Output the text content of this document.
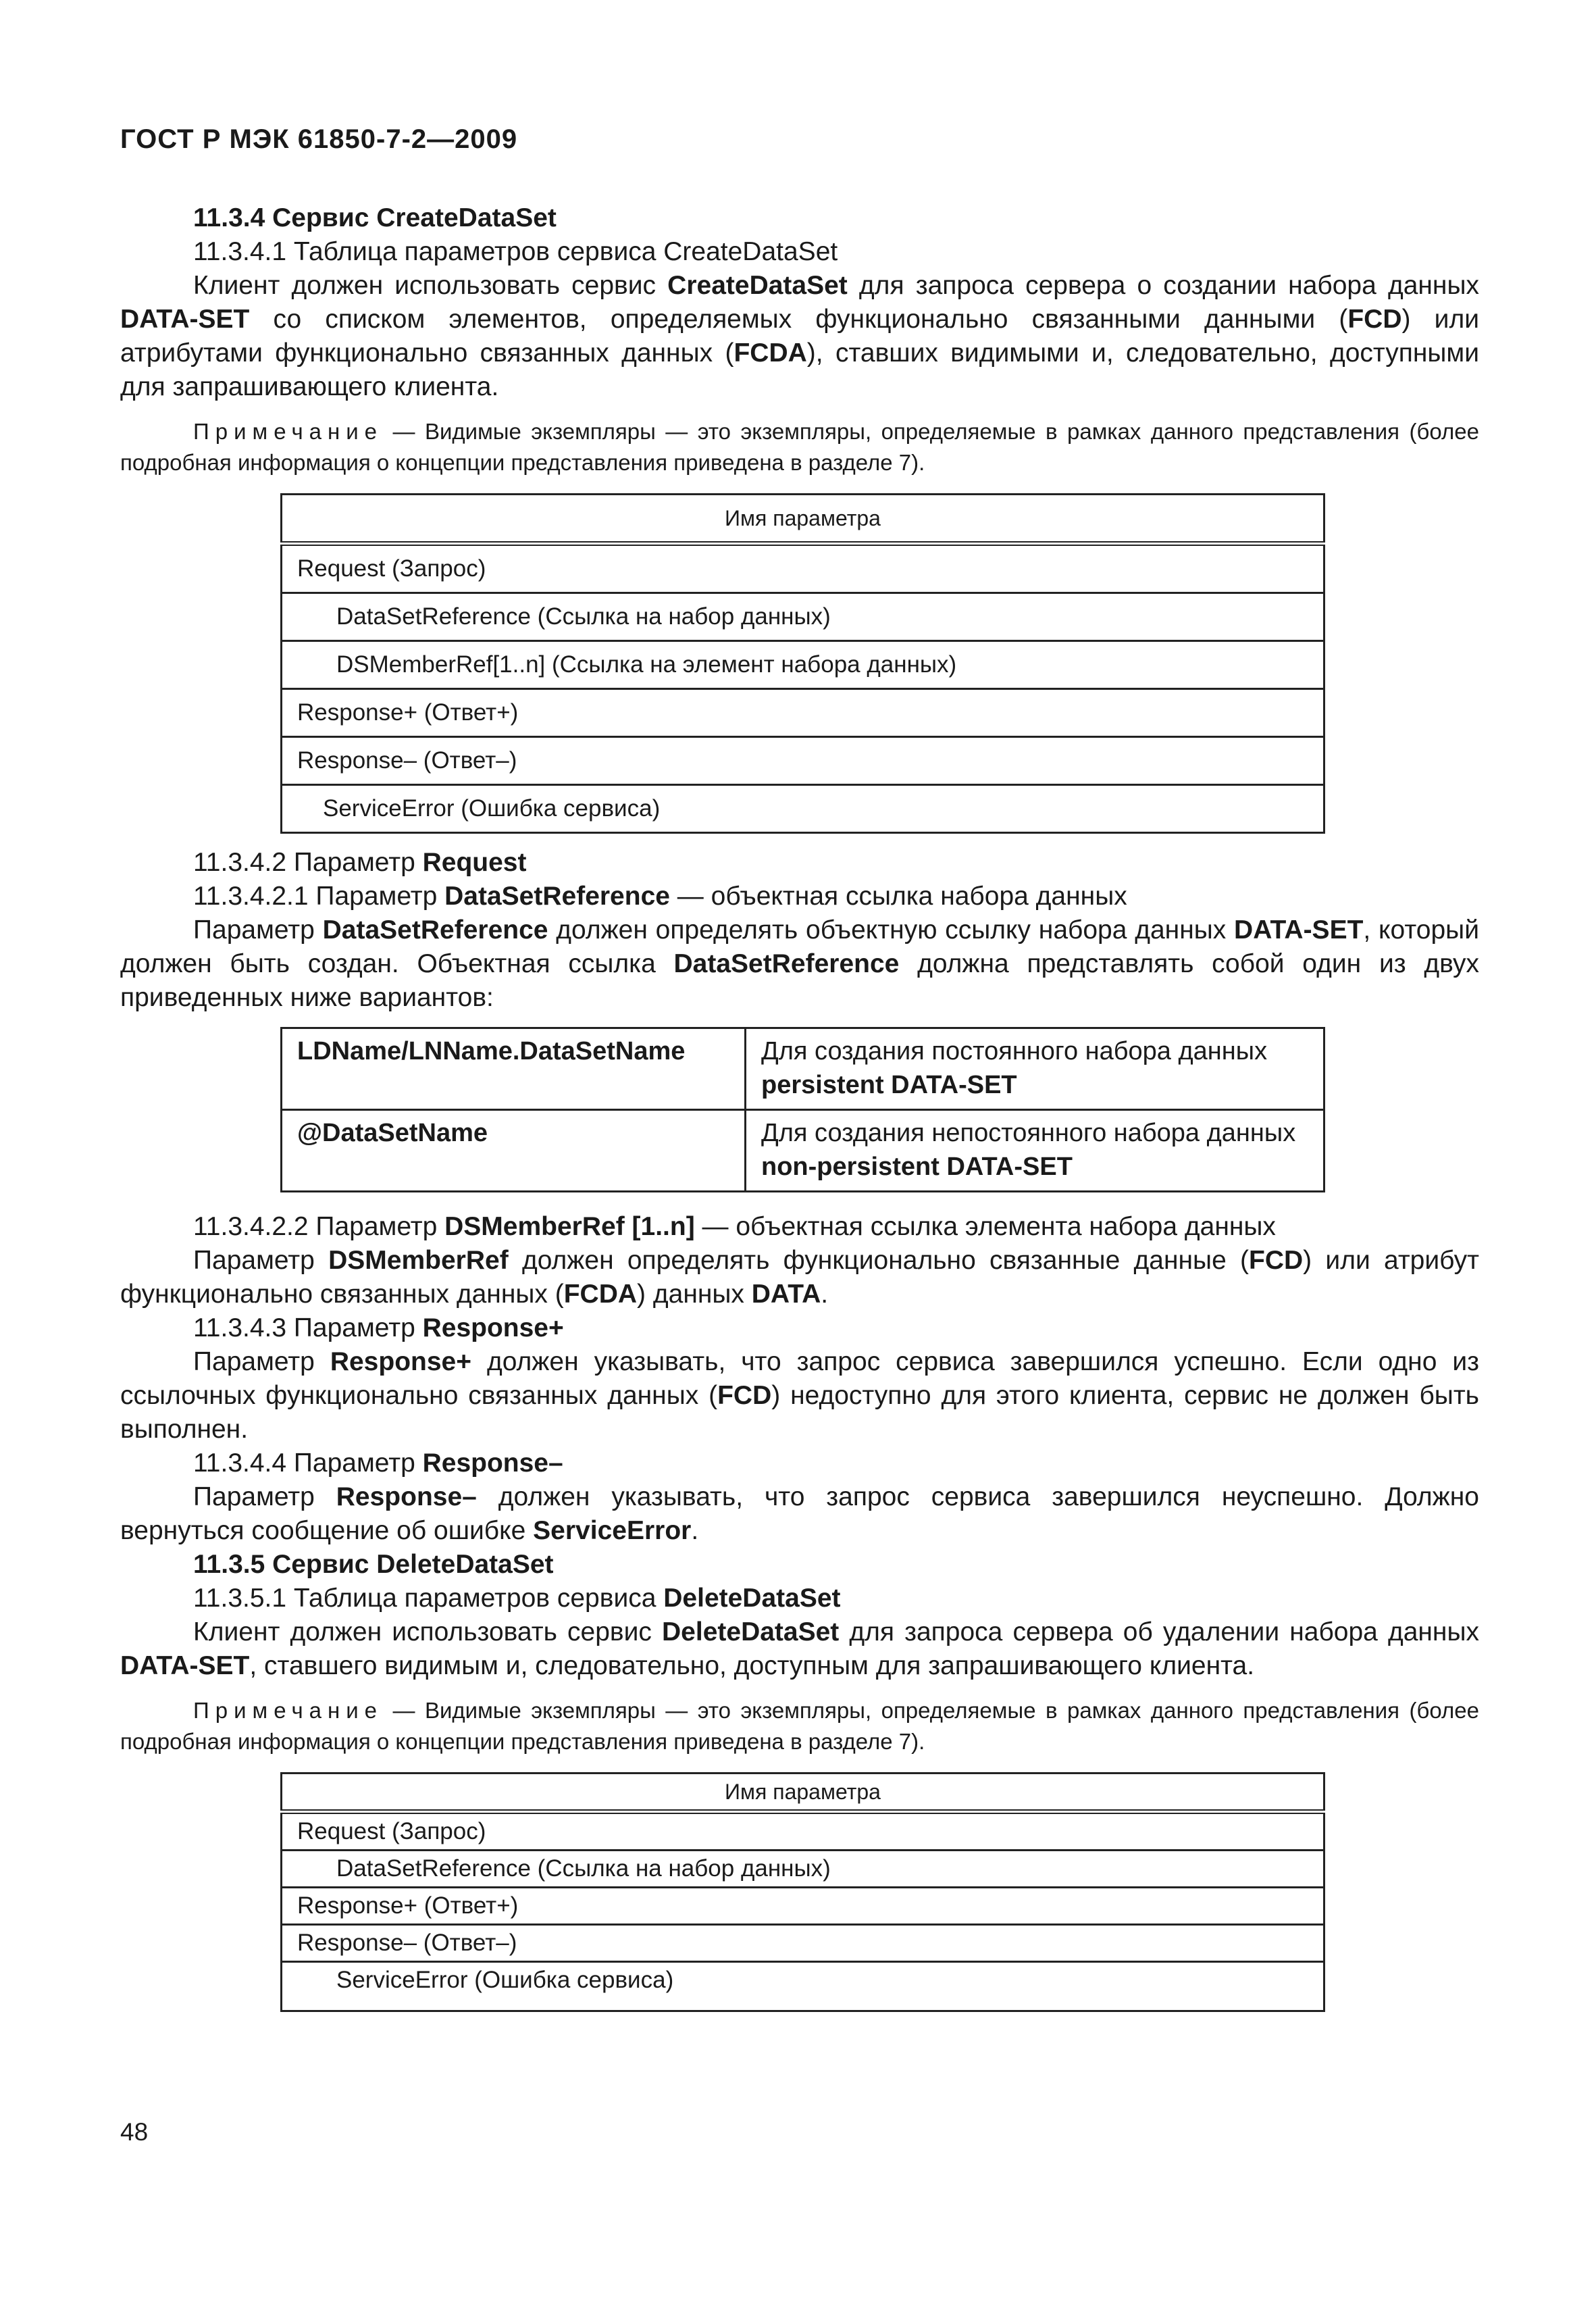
ГОСТ Р МЭК 61850-7-2—2009

11.3.4 Сервис CreateDataSet

11.3.4.1 Таблица параметров сервиса CreateDataSet

Клиент должен использовать сервис CreateDataSet для запроса сервера о создании набора данных DATA-SET со списком элементов, определяемых функционально связанными данными (FCD) или атрибутами функционально связанных данных (FCDA), ставших видимыми и, следовательно, доступными для запрашивающего клиента.

Примечание — Видимые экземпляры — это экземпляры, определяемые в рамках данного представления (более подробная информация о концепции представления приведена в разделе 7).

Имя параметра
Request (Запрос)
DataSetReference (Ссылка на набор данных)
DSMemberRef[1..n] (Ссылка на элемент набора данных)
Response+ (Ответ+)
Response– (Ответ–)
ServiceError (Ошибка сервиса)

11.3.4.2 Параметр Request

11.3.4.2.1 Параметр DataSetReference — объектная ссылка набора данных

Параметр DataSetReference должен определять объектную ссылку набора данных DATA-SET, который должен быть создан. Объектная ссылка DataSetReference должна представлять собой один из двух приведенных ниже вариантов:

LDName/LNName.DataSetName	Для создания постоянного набора данных
persistent DATA-SET
@DataSetName	Для создания непостоянного набора данных
non-persistent DATA-SET

11.3.4.2.2 Параметр DSMemberRef [1..n] — объектная ссылка элемента набора данных

Параметр DSMemberRef должен определять функционально связанные данные (FCD) или атрибут функционально связанных данных (FCDA) данных DATA.

11.3.4.3 Параметр Response+

Параметр Response+ должен указывать, что запрос сервиса завершился успешно. Если одно из ссылочных функционально связанных данных (FCD) недоступно для этого клиента, сервис не должен быть выполнен.

11.3.4.4 Параметр Response–

Параметр Response– должен указывать, что запрос сервиса завершился неуспешно. Должно вернуться сообщение об ошибке ServiceError.

11.3.5 Сервис DeleteDataSet

11.3.5.1 Таблица параметров сервиса DeleteDataSet

Клиент должен использовать сервис DeleteDataSet для запроса сервера об удалении набора данных DATA-SET, ставшего видимым и, следовательно, доступным для запрашивающего клиента.

Примечание — Видимые экземпляры — это экземпляры, определяемые в рамках данного представления (более подробная информация о концепции представления приведена в разделе 7).

Имя параметра
Request (Запрос)
DataSetReference (Ссылка на набор данных)
Response+ (Ответ+)
Response– (Ответ–)
ServiceError (Ошибка сервиса)
48
